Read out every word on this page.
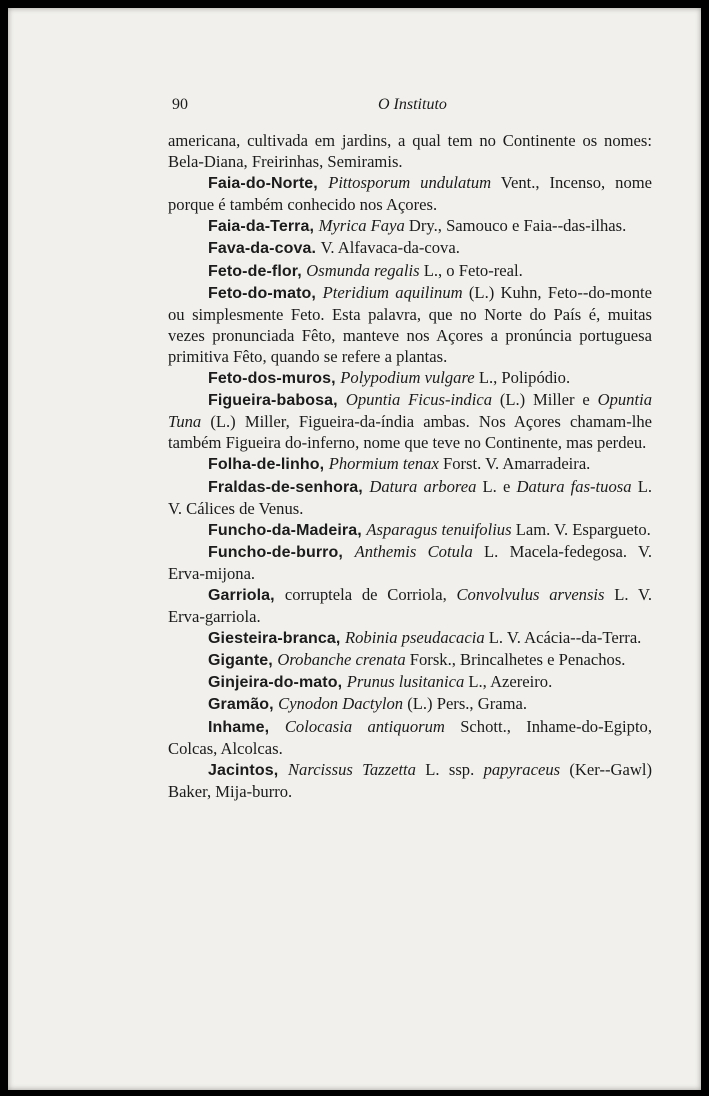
90	O Instituto

americana, cultivada em jardins, a qual tem no Continente os nomes: Bela-Diana, Freirinhas, Semiramis.

Faia-do-Norte, Pittosporum undulatum Vent., Incenso, nome porque é também conhecido nos Açores.

Faia-da-Terra, Myrica Faya Dry., Samouco e Faia--das-ilhas.

Fava-da-cova. V. Alfavaca-da-cova.

Feto-de-flor, Osmunda regalis L., o Feto-real.

Feto-do-mato, Pteridium aquilinum (L.) Kuhn, Feto--do-monte ou simplesmente Feto. Esta palavra, que no Norte do País é, muitas vezes pronunciada Fêto, manteve nos Açores a pronúncia portuguesa primitiva Fêto, quando se refere a plantas.

Feto-dos-muros, Polypodium vulgare L., Polipódio.

Figueira-babosa, Opuntia Ficus-indica (L.) Miller e Opuntia Tuna (L.) Miller, Figueira-da-índia ambas. Nos Açores chamam-lhe também Figueira do-inferno, nome que teve no Continente, mas perdeu.

Folha-de-linho, Phormium tenax Forst. V. Amarradeira.

Fraldas-de-senhora, Datura arborea L. e Datura fas-tuosa L. V. Cálices de Venus.

Funcho-da-Madeira, Asparagus tenuifolius Lam. V. Espargueto.

Funcho-de-burro, Anthemis Cotula L. Macela-fedegosa. V. Erva-mijona.

Garriola, corruptela de Corriola, Convolvulus arvensis L. V. Erva-garriola.

Giesteira-branca, Robinia pseudacacia L. V. Acácia--da-Terra.

Gigante, Orobanche crenata Forsk., Brincalhetes e Penachos.

Ginjeira-do-mato, Prunus lusitanica L., Azereiro.

Gramão, Cynodon Dactylon (L.) Pers., Grama.

Inhame, Colocasia antiquorum Schott., Inhame-do-Egipto, Colcas, Alcolcas.

Jacintos, Narcissus Tazzetta L. ssp. papyraceus (Ker--Gawl) Baker, Mija-burro.
